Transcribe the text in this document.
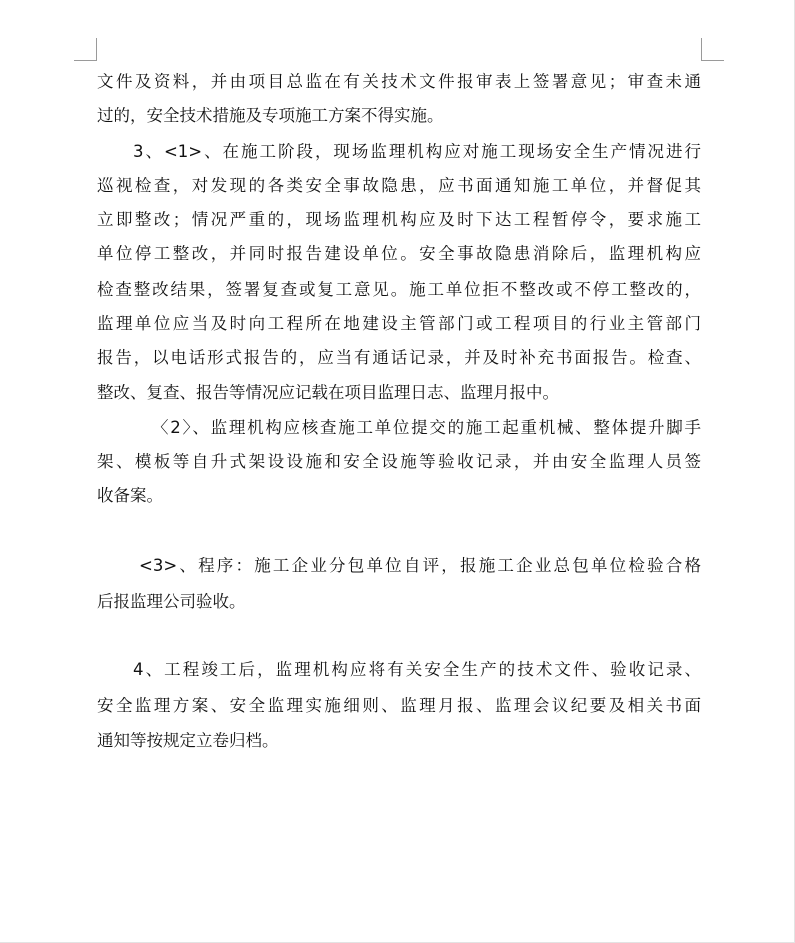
文件及资料，并由项目总监在有关技术文件报审表上签署意见；审查未通
过的，安全技术措施及专项施工方案不得实施。
3、<1>、在施工阶段，现场监理机构应对施工现场安全生产情况进行
巡视检查，对发现的各类安全事故隐患，应书面通知施工单位，并督促其
立即整改；情况严重的，现场监理机构应及时下达工程暂停令，要求施工
单位停工整改，并同时报告建设单位。安全事故隐患消除后，监理机构应
检查整改结果，签署复查或复工意见。施工单位拒不整改或不停工整改的，
监理单位应当及时向工程所在地建设主管部门或工程项目的行业主管部门
报告，以电话形式报告的，应当有通话记录，并及时补充书面报告。检查、
整改、复查、报告等情况应记载在项目监理日志、监理月报中。
〈2〉、监理机构应核查施工单位提交的施工起重机械、整体提升脚手
架、模板等自升式架设设施和安全设施等验收记录，并由安全监理人员签
收备案。
<3>、程序：施工企业分包单位自评，报施工企业总包单位检验合格
后报监理公司验收。
4、工程竣工后，监理机构应将有关安全生产的技术文件、验收记录、
安全监理方案、安全监理实施细则、监理月报、监理会议纪要及相关书面
通知等按规定立卷归档。
